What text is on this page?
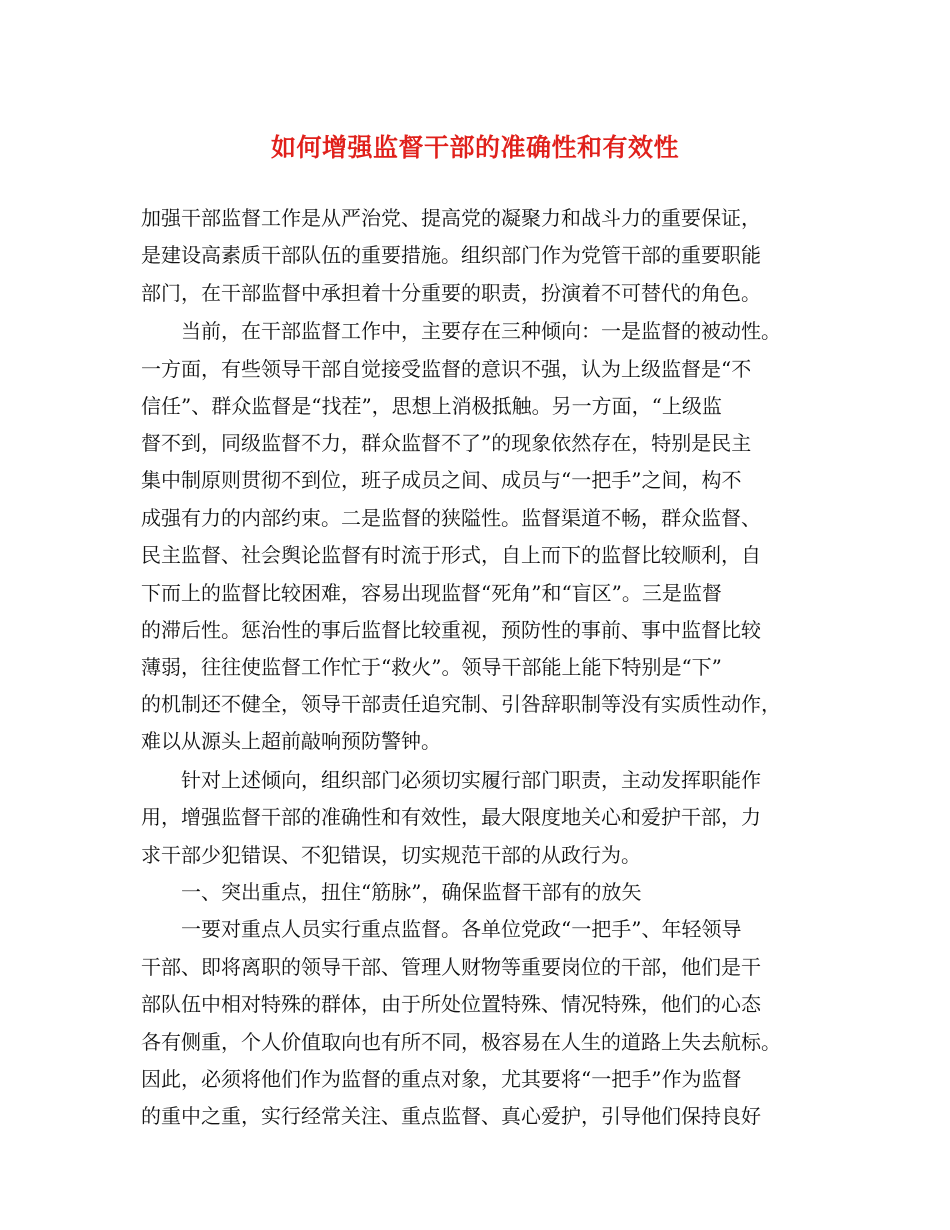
如何增强监督干部的准确性和有效性

加强干部监督工作是从严治党、提高党的凝聚力和战斗力的重要保证，

是建设高素质干部队伍的重要措施。组织部门作为党管干部的重要职能

部门，在干部监督中承担着十分重要的职责，扮演着不可替代的角色。

当前，在干部监督工作中，主要存在三种倾向：一是监督的被动性。

一方面，有些领导干部自觉接受监督的意识不强，认为上级监督是“不

信任”、群众监督是“找茬”，思想上消极抵触。另一方面，“上级监

督不到，同级监督不力，群众监督不了”的现象依然存在，特别是民主

集中制原则贯彻不到位，班子成员之间、成员与“一把手”之间，构不

成强有力的内部约束。二是监督的狭隘性。监督渠道不畅，群众监督、

民主监督、社会舆论监督有时流于形式，自上而下的监督比较顺利，自

下而上的监督比较困难，容易出现监督“死角”和“盲区”。三是监督

的滞后性。惩治性的事后监督比较重视，预防性的事前、事中监督比较

薄弱，往往使监督工作忙于“救火”。领导干部能上能下特别是“下”

的机制还不健全，领导干部责任追究制、引咎辞职制等没有实质性动作，

难以从源头上超前敲响预防警钟。

针对上述倾向，组织部门必须切实履行部门职责，主动发挥职能作

用，增强监督干部的准确性和有效性，最大限度地关心和爱护干部，力

求干部少犯错误、不犯错误，切实规范干部的从政行为。

一、突出重点，扭住“筋脉”，确保监督干部有的放矢

一要对重点人员实行重点监督。各单位党政“一把手”、年轻领导

干部、即将离职的领导干部、管理人财物等重要岗位的干部，他们是干

部队伍中相对特殊的群体，由于所处位置特殊、情况特殊，他们的心态

各有侧重，个人价值取向也有所不同，极容易在人生的道路上失去航标。

因此，必须将他们作为监督的重点对象，尤其要将“一把手”作为监督

的重中之重，实行经常关注、重点监督、真心爱护，引导他们保持良好
